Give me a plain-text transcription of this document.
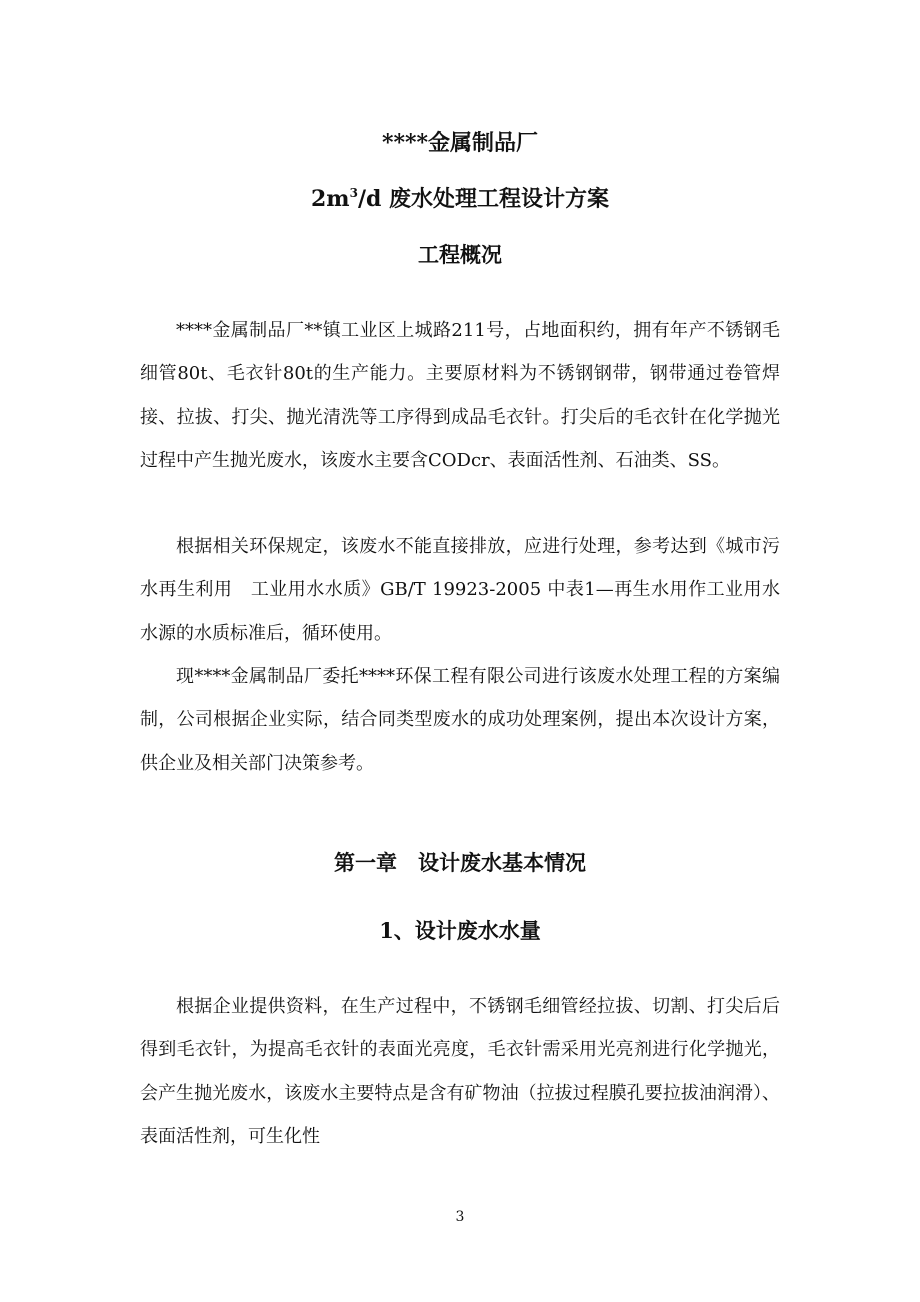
****金属制品厂
$2m^3/d$ 废水处理工程设计方案
工程概况

****金属制品厂**镇工业区上城路211号，占地面积约，拥有年产不锈钢毛细管80t、毛衣针80t的生产能力。主要原材料为不锈钢钢带，钢带通过卷管焊接、拉拔、打尖、抛光清洗等工序得到成品毛衣针。打尖后的毛衣针在化学抛光过程中产生抛光废水，该废水主要含CODcr、表面活性剂、石油类、SS。

根据相关环保规定，该废水不能直接排放，应进行处理，参考达到《城市污水再生利用　工业用水水质》GB/T 19923-2005 中表1—再生水用作工业用水水源的水质标准后，循环使用。

现****金属制品厂委托****环保工程有限公司进行该废水处理工程的方案编制，公司根据企业实际，结合同类型废水的成功处理案例，提出本次设计方案，供企业及相关部门决策参考。

第一章　设计废水基本情况
1、设计废水水量

根据企业提供资料，在生产过程中，不锈钢毛细管经拉拔、切割、打尖后后得到毛衣针，为提高毛衣针的表面光亮度，毛衣针需采用光亮剂进行化学抛光，会产生抛光废水，该废水主要特点是含有矿物油（拉拔过程膜孔要拉拔油润滑）、表面活性剂，可生化性

3
